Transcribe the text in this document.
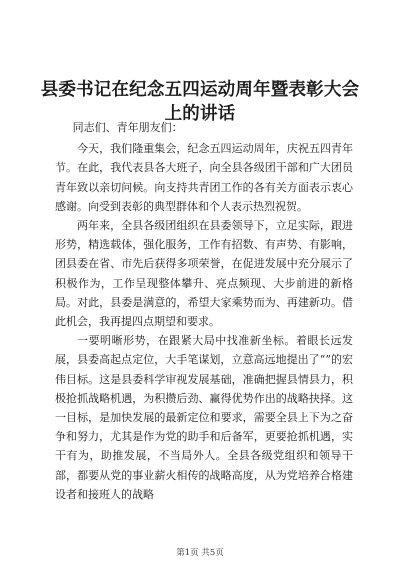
县委书记在纪念五四运动周年暨表彰大会上的讲话

同志们、青年朋友们：

今天，我们隆重集会，纪念五四运动周年，庆祝五四青年节。在此，我代表县各大班子，向全县各级团干部和广大团员青年致以亲切问候。向支持共青团工作的各有关方面表示衷心感谢。向受到表彰的典型群体和个人表示热烈祝贺。

两年来，全县各级团组织在县委领导下，立足实际，跟进形势，精选载体，强化服务，工作有招数、有声势、有影响，团县委在省、市先后获得多项荣誉，在促进发展中充分展示了积极作为，工作呈现整体攀升、亮点频现、大步前进的新格局。对此，县委是满意的，希望大家乘势而为、再建新功。借此机会，我再提四点期望和要求。

一要明晰形势，在跟紧大局中找准新坐标。着眼长远发展，县委高起点定位，大手笔谋划，立意高远地提出了“”的宏伟目标。这是县委科学审视发展基础，准确把握县情县力，积极抢抓战略机遇，为积攒后劲、赢得优势作出的战略抉择。这一目标，是加快发展的最新定位和要求，需要全县上下为之奋争和努力，尤其是作为党的助手和后备军，更要抢抓机遇，实干有为，助推发展，不当局外人。全县各级党组织和领导干部，都要从党的事业薪火相传的战略高度，从为党培养合格建设者和接班人的战略

第1页 共5页
